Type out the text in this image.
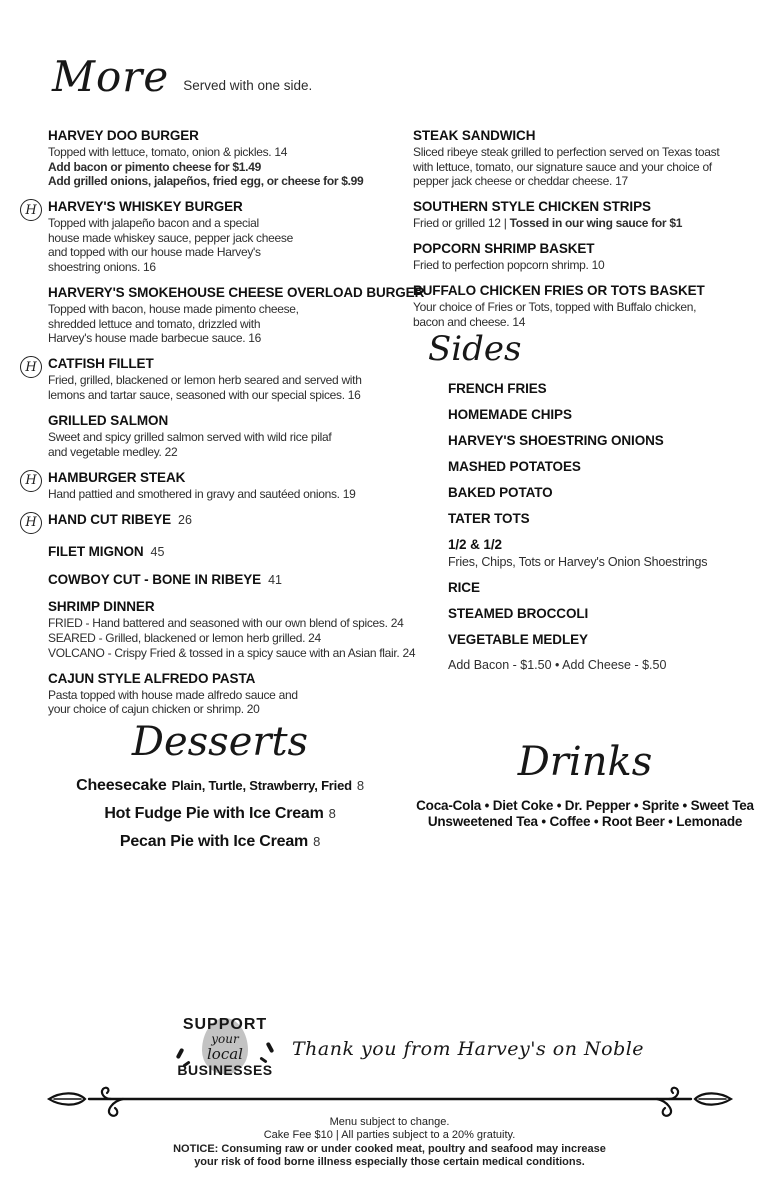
More Served with one side.
HARVEY DOO BURGER
Topped with lettuce, tomato, onion & pickles. 14
Add bacon or pimento cheese for $1.49
Add grilled onions, jalapeños, fried egg, or cheese for $.99
H HARVEY'S WHISKEY BURGER
Topped with jalapeño bacon and a special
house made whiskey sauce, pepper jack cheese
and topped with our house made Harvey's
shoestring onions. 16
HARVERY'S SMOKEHOUSE CHEESE OVERLOAD BURGER
Topped with bacon, house made pimento cheese,
shredded lettuce and tomato, drizzled with
Harvey's house made barbecue sauce. 16
H CATFISH FILLET
Fried, grilled, blackened or lemon herb seared and served with
lemons and tartar sauce, seasoned with our special spices. 16
GRILLED SALMON
Sweet and spicy grilled salmon served with wild rice pilaf
and vegetable medley. 22
H HAMBURGER STEAK
Hand pattied and smothered in gravy and sautéed onions. 19
H HAND CUT RIBEYE 26
FILET MIGNON 45
COWBOY CUT - BONE IN RIBEYE 41
SHRIMP DINNER
FRIED - Hand battered and seasoned with our own blend of spices. 24
SEARED - Grilled, blackened or lemon herb grilled. 24
VOLCANO - Crispy Fried & tossed in a spicy sauce with an Asian flair. 24
CAJUN STYLE ALFREDO PASTA
Pasta topped with house made alfredo sauce and
your choice of cajun chicken or shrimp. 20
STEAK SANDWICH
Sliced ribeye steak grilled to perfection served on Texas toast
with lettuce, tomato, our signature sauce and your choice of
pepper jack cheese or cheddar cheese. 17
SOUTHERN STYLE CHICKEN STRIPS
Fried or grilled 12 | Tossed in our wing sauce for $1
POPCORN SHRIMP BASKET
Fried to perfection popcorn shrimp. 10
BUFFALO CHICKEN FRIES OR TOTS BASKET
Your choice of Fries or Tots, topped with Buffalo chicken,
bacon and cheese. 14
Sides
FRENCH FRIES
HOMEMADE CHIPS
HARVEY'S SHOESTRING ONIONS
MASHED POTATOES
BAKED POTATO
TATER TOTS
1/2 & 1/2
Fries, Chips, Tots or Harvey's Onion Shoestrings
RICE
STEAMED BROCCOLI
VEGETABLE MEDLEY
Add Bacon - $1.50 • Add Cheese - $.50
Desserts
Cheesecake Plain, Turtle, Strawberry, Fried 8
Hot Fudge Pie with Ice Cream 8
Pecan Pie with Ice Cream 8
Drinks
Coca-Cola • Diet Coke • Dr. Pepper • Sprite • Sweet Tea
Unsweetened Tea • Coffee • Root Beer • Lemonade
SUPPORT
your
local
BUSINESSES
Thank you from Harvey's on Noble
Menu subject to change.
Cake Fee $10 | All parties subject to a 20% gratuity.
NOTICE: Consuming raw or under cooked meat, poultry and seafood may increase
your risk of food borne illness especially those certain medical conditions.
